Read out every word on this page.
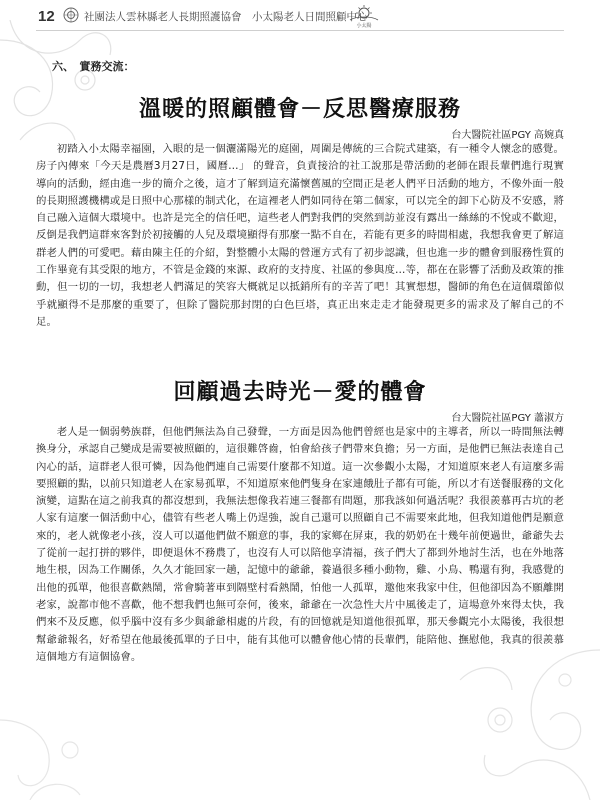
12	社團法人雲林縣老人長期照護協會　小太陽老人日間照顧中心
小太陽
六、　實務交流：
溫暖的照顧體會－反思醫療服務
台大醫院社區PGY 高婉真
初踏入小太陽幸福園，入眼的是一個灑滿陽光的庭園，周圍是傳統的三合院式建築，有一種令人懷念的感覺。房子內傳來「今天是農曆3月27日，國曆…」 的聲音，負責接洽的社工說那是帶活動的老師在跟長輩們進行現實導向的活動，經由進一步的簡介之後，這才了解到這充滿懷舊風的空間正是老人們平日活動的地方，不像外面一般的長期照護機構或是日照中心那樣的制式化，在這裡老人們如同待在第二個家，可以完全的卸下心防及不安感，將自己融入這個大環境中。也許是完全的信任吧，這些老人們對我們的突然到訪並沒有露出一絲絲的不悅或不歡迎，反倒是我們這群來客對於初接觸的人兒及環境顯得有那麼一點不自在，若能有更多的時間相處，我想我會更了解這群老人們的可愛吧。藉由陳主任的介紹，對整體小太陽的營運方式有了初步認識，但也進一步的體會到服務性質的工作畢竟有其受限的地方，不管是金錢的來源、政府的支持度、社區的參與度…等，都在在影響了活動及政策的推動，但一切的一切，我想老人們滿足的笑容大概就足以抵銷所有的辛苦了吧！其實想想，醫師的角色在這個環節似乎就顯得不是那麼的重要了，但除了醫院那封閉的白色巨塔，真正出來走走才能發現更多的需求及了解自己的不足。
回顧過去時光－愛的體會
台大醫院社區PGY 蕭淑方
老人是一個弱勢族群，但他們無法為自己發聲，一方面是因為他們曾經也是家中的主導者，所以一時間無法轉換身分，承認自己變成是需要被照顧的，這很難啓齒，怕會給孩子們帶來負擔；另一方面，是他們已無法表達自己內心的話，這群老人很可憐，因為他們連自己需要什麼都不知道。這一次參觀小太陽，才知道原來老人有這麼多需要照顧的點，以前只知道老人在家易孤單，不知道原來他們隻身在家連餓肚子都有可能，所以才有送餐服務的文化演變，這點在這之前我真的都沒想到，我無法想像我若連三餐都有問題，那我該如何過活呢？我很羨慕再古坑的老人家有這麼一個活動中心，儘管有些老人嘴上仍逞強，說自己還可以照顧自己不需要來此地，但我知道他們是願意來的，老人就像老小孩，沒人可以逼他們做不願意的事，我的家鄉在屏東，我的奶奶在十幾年前便過世，爺爺失去了從前一起打拼的夥伴，即便退休不務農了，也沒有人可以陪他享清福，孩子們大了都到外地討生活，也在外地落地生根，因為工作關係，久久才能回家一趟，記憶中的爺爺，養過很多種小動物，雞、小鳥、鴨還有狗，我感覺的出他的孤單，他很喜歡熱鬧，常會騎著車到隔壁村看熱鬧，怕他一人孤單，邀他來我家中住，但他卻因為不願離開老家，說都市他不喜歡，他不想我們也無可奈何，後來，爺爺在一次急性大片中風後走了，這場意外來得太快，我們來不及反應，似乎腦中沒有多少與爺爺相處的片段，有的回憶就是知道他很孤單，那天參觀完小太陽後，我很想幫爺爺報名，好希望在他最後孤單的子日中，能有其他可以體會他心情的長輩們，能陪他、撫慰他，我真的很羨慕這個地方有這個協會。
